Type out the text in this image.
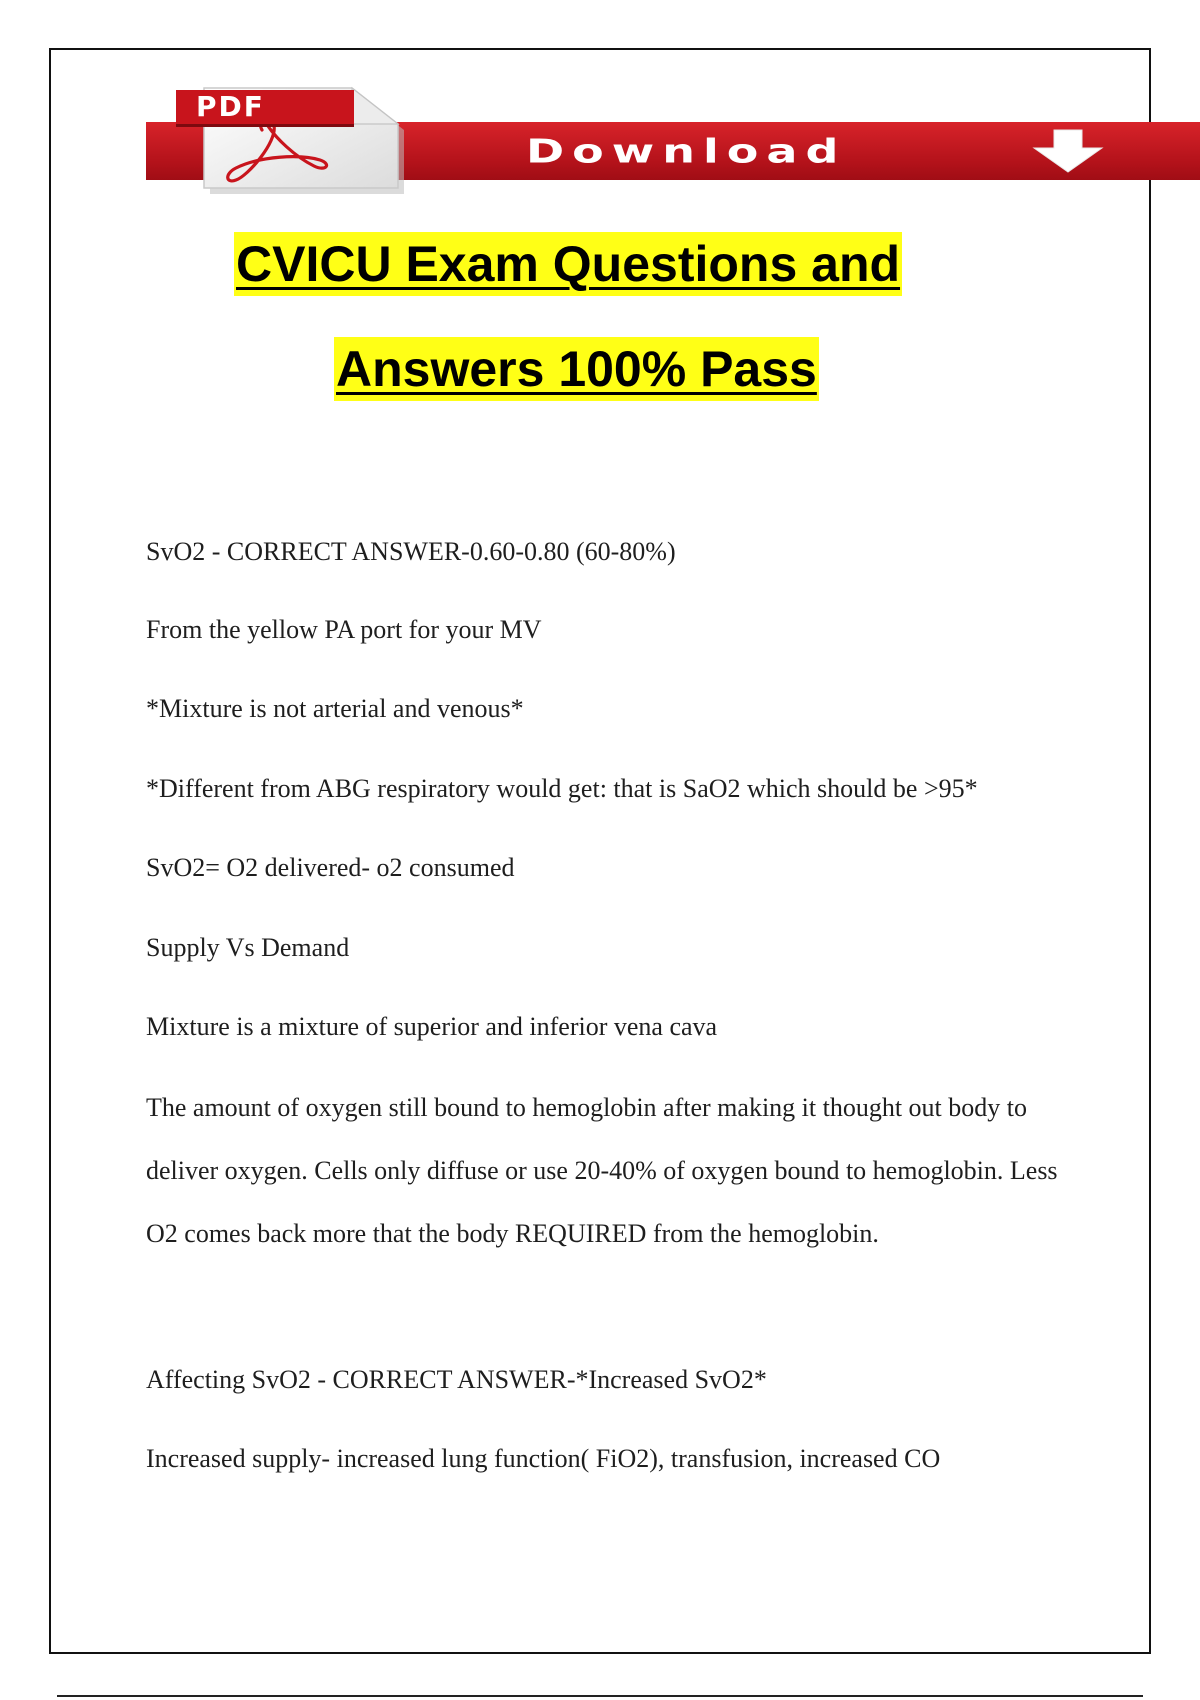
Download
PDF
CVICU Exam Questions and
Answers 100% Pass
SvO2 - CORRECT ANSWER-0.60-0.80 (60-80%)
From the yellow PA port for your MV
*Mixture is not arterial and venous*
*Different from ABG respiratory would get: that is SaO2 which should be >95*
SvO2= O2 delivered- o2 consumed
Supply Vs Demand
Mixture is a mixture of superior and inferior vena cava
The amount of oxygen still bound to hemoglobin after making it thought out body to deliver oxygen. Cells only diffuse or use 20-40% of oxygen bound to hemoglobin. Less O2 comes back more that the body REQUIRED from the hemoglobin.
Affecting SvO2 - CORRECT ANSWER-*Increased SvO2*
Increased supply- increased lung function( FiO2), transfusion, increased CO
